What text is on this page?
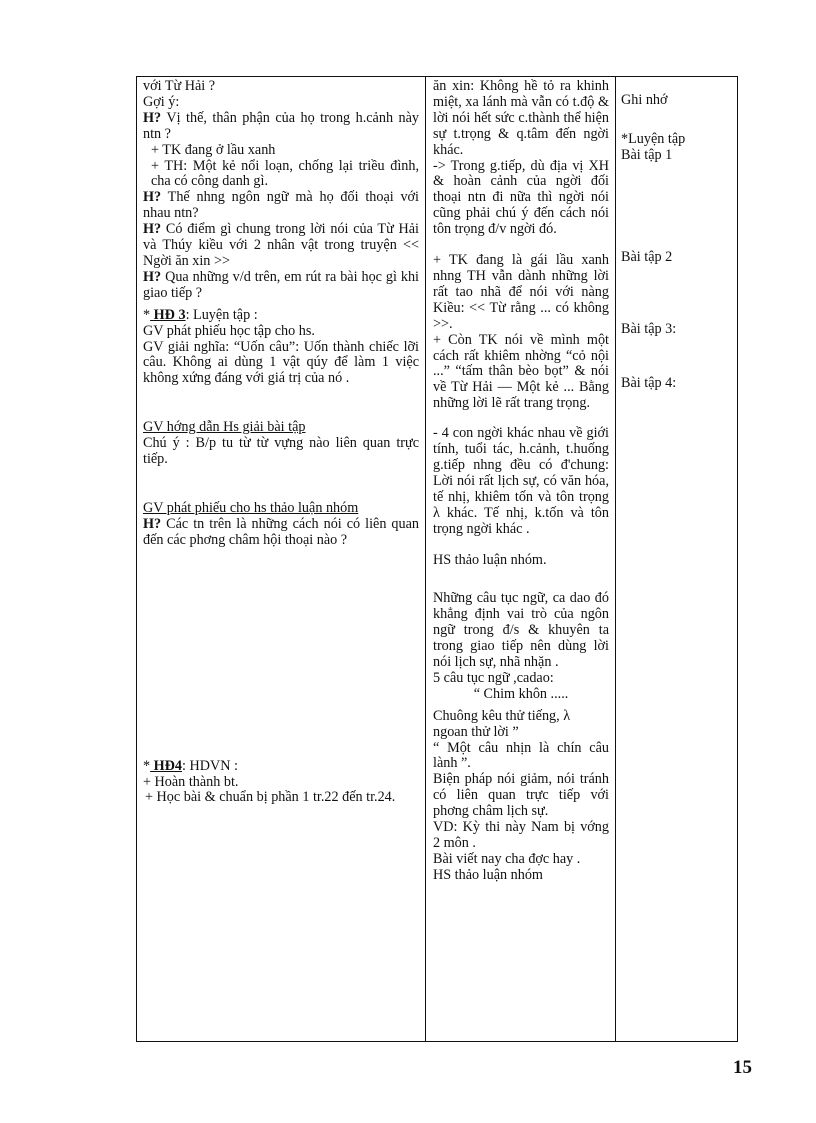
với Từ Hải ?

Gợi ý:

H? Vị thế, thân phận của họ trong h.cảnh này ntn ?

+ TK đang ở lầu xanh

+ TH: Một kẻ nổi loạn, chống lại triều đình, cha có công danh gì.

H? Thế nhng ngôn ngữ mà họ đối thoại với nhau ntn?

H? Có điểm gì chung trong lời nói của Từ Hải và Thúy kiều với 2 nhân vật trong truyện << Ngời ăn xin >>

H? Qua những v/d trên, em rút ra bài học gì khi giao tiếp ?

* HĐ 3: Luyện tập :

GV phát phiếu học tập cho hs.

GV giải nghĩa: “Uốn câu”: Uốn thành chiếc lỡi câu. Không ai dùng 1 vật qúy để làm 1 việc không xứng đáng với giá trị của nó .

GV hớng dẫn Hs giải bài tập

Chú ý : B/p tu từ từ vựng nào liên quan trực tiếp.

GV phát phiếu cho hs thảo luận nhóm

H? Các tn trên là những cách nói có liên quan đến các phơng châm hội thoại nào ?

* HĐ4: HDVN :

+ Hoàn thành bt.

+ Học bài & chuẩn bị phần 1 tr.22 đến tr.24.

ăn xin: Không hề tỏ ra khinh miệt, xa lánh mà vẫn có t.độ & lời nói hết sức c.thành thể hiện sự t.trọng & q.tâm đến ngời khác.

-> Trong g.tiếp, dù địa vị XH & hoàn cảnh của ngời đối thoại ntn đi nữa thì ngời nói cũng phải chú ý đến cách nói tôn trọng đ/v ngời đó.

+ TK đang là gái lầu xanh nhng TH vẫn dành những lời rất tao nhã để nói với nàng Kiều: << Từ rằng ... có không >>.

+ Còn TK nói về mình một cách rất khiêm nhờng “cỏ nội ...” “tấm thân bèo bọt” & nói về Từ Hải — Một kẻ ... Bằng những lời lẽ rất trang trọng.

- 4 con ngời khác nhau về giới tính, tuổi tác, h.cảnh, t.huống g.tiếp nhng đều có đ'chung: Lời nói rất lịch sự, có văn hóa, tế nhị, khiêm tốn và tôn trọng λ khác. Tế nhị, k.tốn và tôn trọng ngời khác .

HS thảo luận nhóm.

Những câu tục ngữ, ca dao đó khẳng định vai trò của ngôn ngữ trong đ/s & khuyên ta trong giao tiếp nên dùng lời nói lịch sự, nhã nhặn .

5 câu tục ngữ ,cadao:

“ Chim khôn .....

Chuông kêu thử tiếng, λ

ngoan thử lời ”

“ Một câu nhịn là chín câu lành ”.

Biện pháp nói giảm, nói tránh có liên quan trực tiếp với phơng châm lịch sự.

VD: Kỳ thi này Nam bị vớng 2 môn .

Bài viết nay cha đợc hay .

HS thảo luận nhóm

Ghi nhớ

*Luyện tập

Bài tập 1

Bài tập 2

Bài tập 3:

Bài tập 4:

15
